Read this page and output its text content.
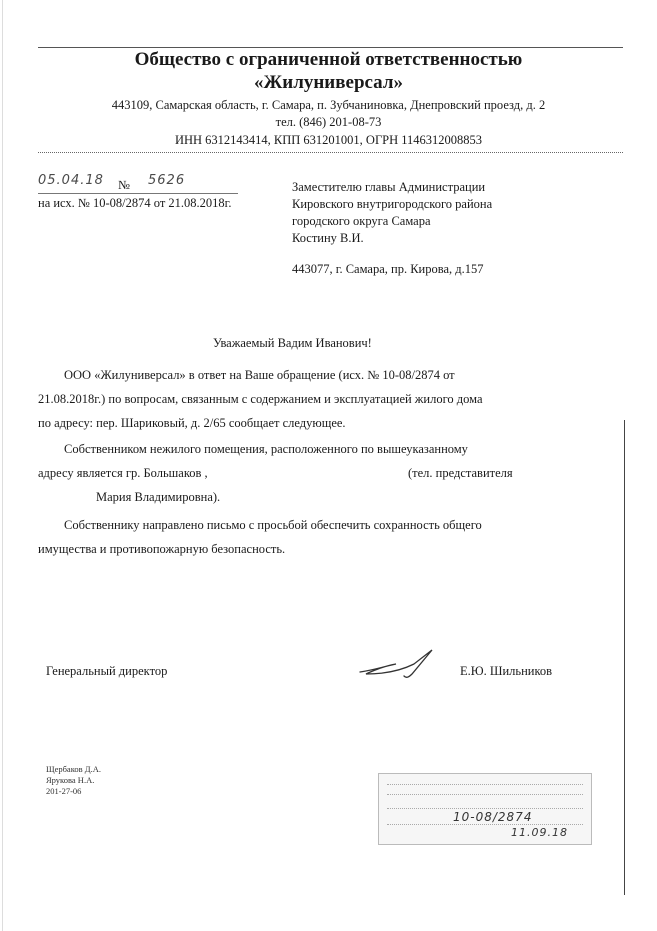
Общество с ограниченной ответственностью
«Жилуниверсал»
443109, Самарская область, г. Самара, п. Зубчаниновка, Днепровский проезд, д. 2
тел. (846) 201-08-73
ИНН 6312143414, КПП 631201001, ОГРН 1146312008853
05.04.18 № 5626
на исх. № 10-08/2874 от 21.08.2018г.
Заместителю главы Администрации
Кировского внутригородского района
городского округа Самара
Костину В.И.
443077, г. Самара, пр. Кирова, д.157
Уважаемый Вадим Иванович!
ООО «Жилуниверсал» в ответ на Ваше обращение (исх. № 10-08/2874 от
21.08.2018г.) по вопросам, связанным с содержанием и эксплуатацией жилого дома
по адресу: пер. Шариковый, д. 2/65 сообщает следующее.
Собственником нежилого помещения, расположенного по вышеуказанному
адресу является гр. Большаков ,	(тел. представителя
Мария Владимировна).
Собственнику направлено письмо с просьбой обеспечить сохранность общего
имущества и противопожарную безопасность.
Генеральный директор	Е.Ю. Шильников
Щербаков Д.А.
Ярукова Н.А.
201-27-06
10-08/2874
11.09.18
